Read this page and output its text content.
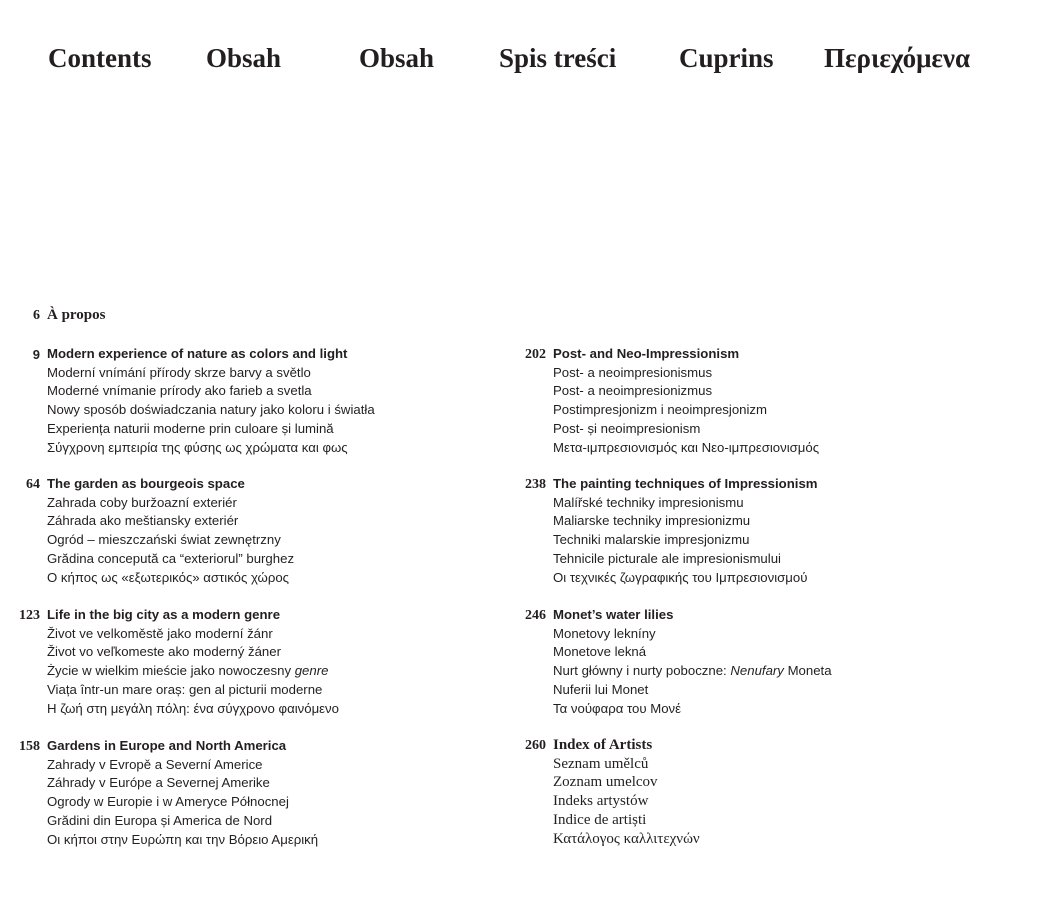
Contents Obsah	Obsah Spis treści Cuprins Περιεχόμενα
6 À propos
9 Modern experience of nature as colors and light
Moderní vnímání přírody skrze barvy a světlo
Moderné vnímanie prírody ako farieb a svetla
Nowy sposób doświadczania natury jako koloru i światła
Experiența naturii moderne prin culoare și lumină
Σύγχρονη εμπειρία της φύσης ως χρώματα και φως
64 The garden as bourgeois space
Zahrada coby buržoazní exteriér
Záhrada ako meštiansky exteriér
Ogród – mieszczański świat zewnętrzny
Grădina concepută ca “exteriorul” burghez
Ο κήπος ως «εξωτερικός» αστικός χώρος
123 Life in the big city as a modern genre
Život ve velkoměstě jako moderní žánr
Život vo veľkomeste ako moderný žáner
Życie w wielkim mieście jako nowoczesny genre
Viața într-un mare oraș: gen al picturii moderne
Η ζωή στη μεγάλη πόλη: ένα σύγχρονο φαινόμενο
158 Gardens in Europe and North America
Zahrady v Evropě a Severní Americe
Záhrady v Európe a Severnej Amerike
Ogrody w Europie i w Ameryce Północnej
Grădini din Europa și America de Nord
Οι κήποι στην Ευρώπη και την Βόρειο Αμερική
202 Post- and Neo-Impressionism
Post- a neoimpresionismus
Post- a neoimpresionizmus
Postimpresjonizm i neoimpresjonizm
Post- și neoimpresionism
Μετα-ιμπρεσιονισμός και Νεο-ιμπρεσιονισμός
238 The painting techniques of Impressionism
Malířské techniky impresionismu
Maliarske techniky impresionizmu
Techniki malarskie impresjonizmu
Tehnicile picturale ale impresionismului
Οι τεχνικές ζωγραφικής του Ιμπρεσιονισμού
246 Monet’s water lilies
Monetovy lekníny
Monetove lekná
Nurt główny i nurty poboczne: Nenufary Moneta
Nuferii lui Monet
Τα νούφαρα του Μονέ
260 Index of Artists
Seznam umělců
Zoznam umelcov
Indeks artystów
Indice de artiști
Κατάλογος καλλιτεχνών
